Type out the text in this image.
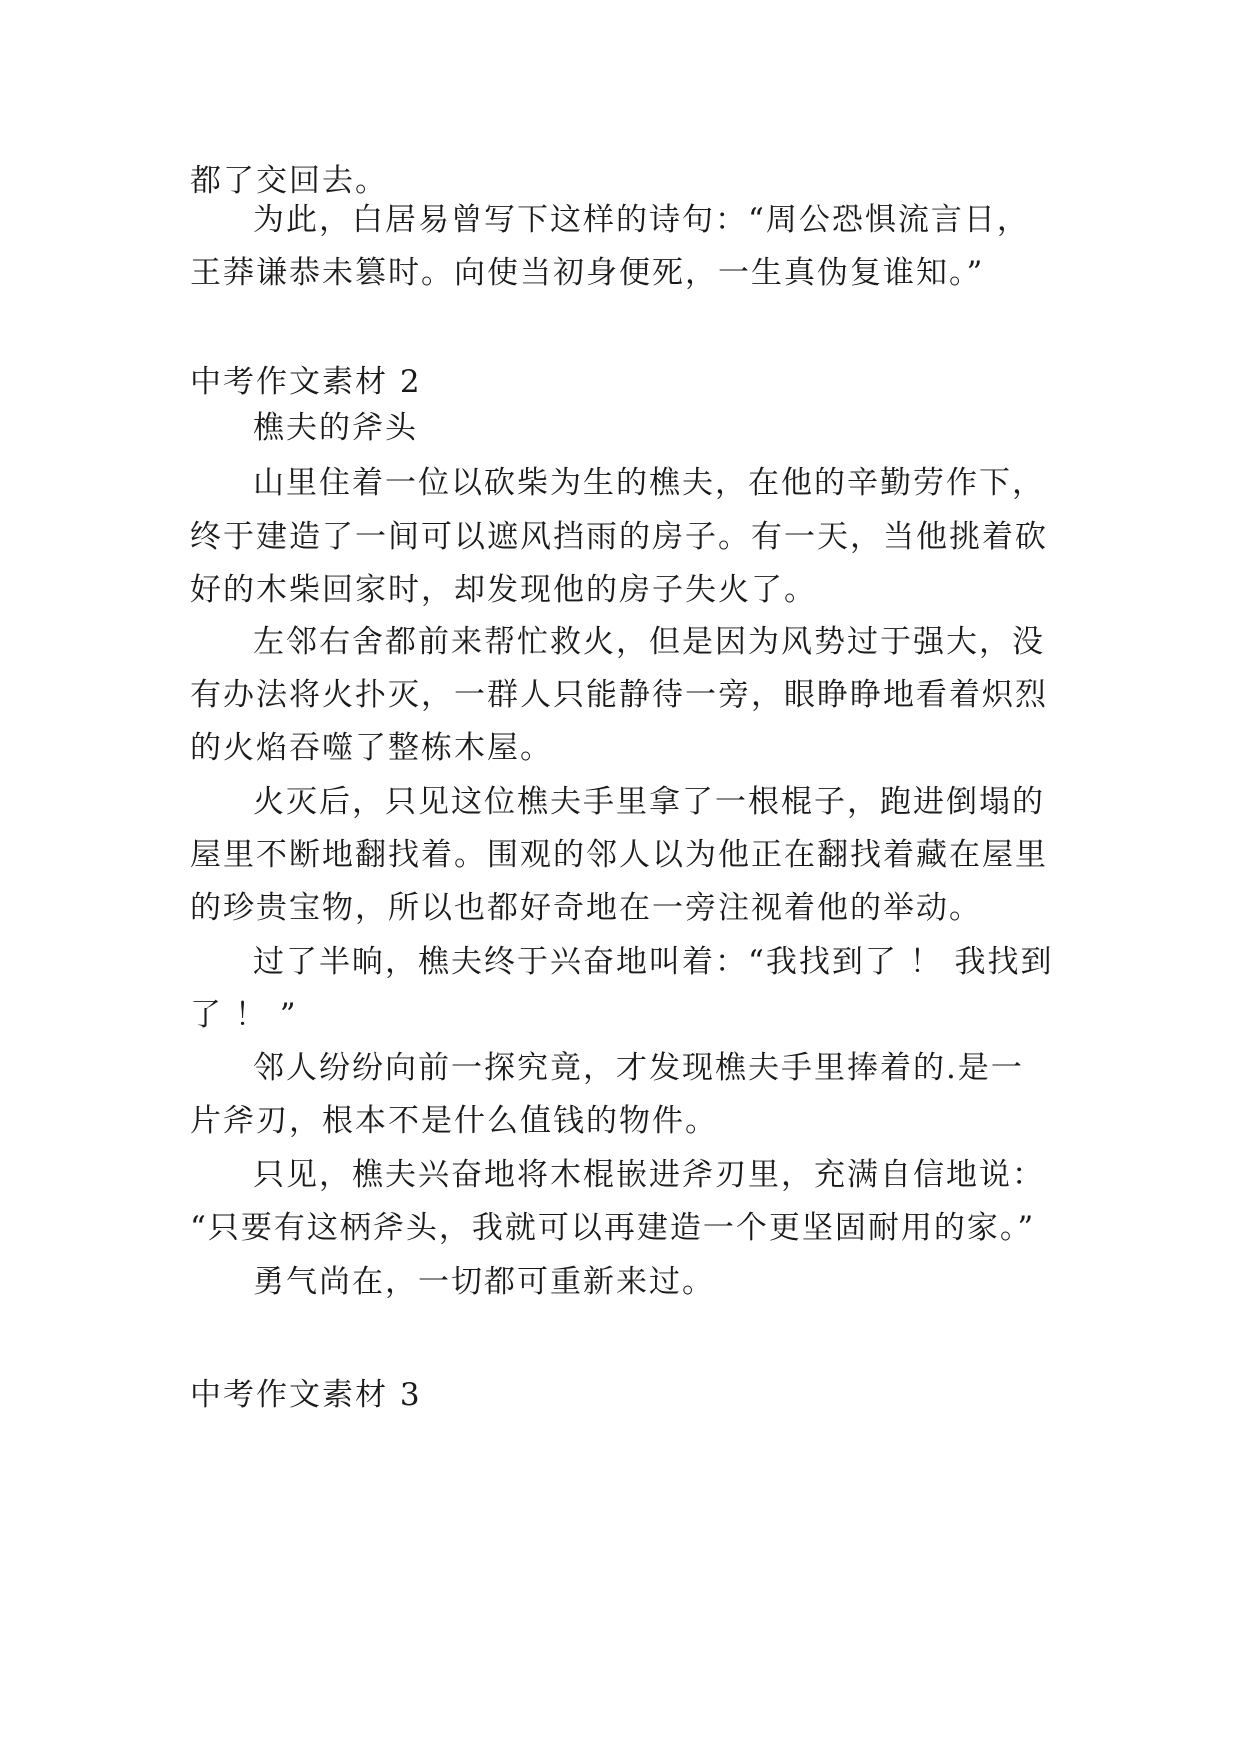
都了交回去。
为此，白居易曾写下这样的诗句：“周公恐惧流言日，
王莽谦恭未篡时。向使当初身便死，一生真伪复谁知。”
中考作文素材 2
樵夫的斧头
山里住着一位以砍柴为生的樵夫，在他的辛勤劳作下，
终于建造了一间可以遮风挡雨的房子。有一天，当他挑着砍
好的木柴回家时，却发现他的房子失火了。
左邻右舍都前来帮忙救火，但是因为风势过于强大，没
有办法将火扑灭，一群人只能静待一旁，眼睁睁地看着炽烈
的火焰吞噬了整栋木屋。
火灭后，只见这位樵夫手里拿了一根棍子，跑进倒塌的
屋里不断地翻找着。围观的邻人以为他正在翻找着藏在屋里
的珍贵宝物，所以也都好奇地在一旁注视着他的举动。
过了半晌，樵夫终于兴奋地叫着：“我找到了 ！ 我找到
了 ！ ”
邻人纷纷向前一探究竟，才发现樵夫手里捧着的.是一
片斧刃，根本不是什么值钱的物件。
只见，樵夫兴奋地将木棍嵌进斧刃里，充满自信地说：
“只要有这柄斧头，我就可以再建造一个更坚固耐用的家。”
勇气尚在，一切都可重新来过。
中考作文素材 3
